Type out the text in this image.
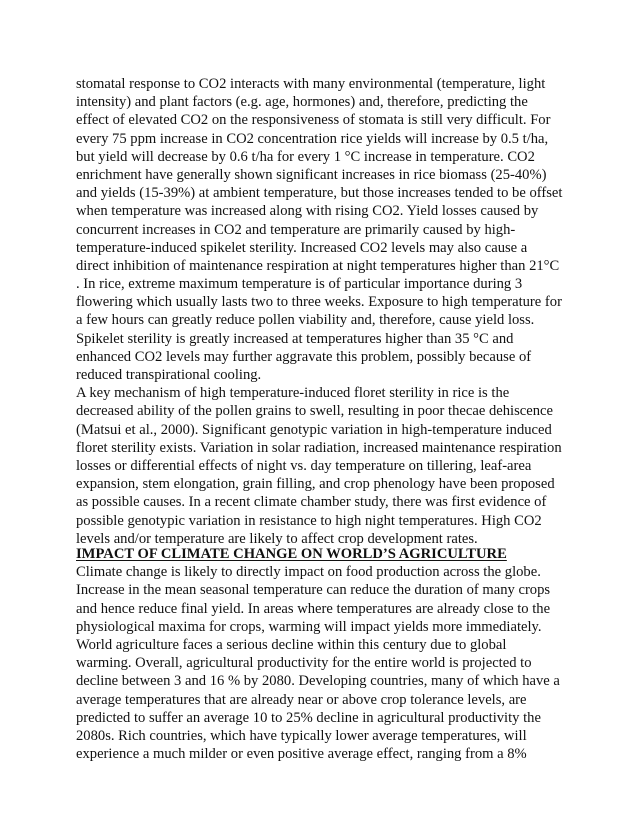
stomatal response to CO2 interacts with many environmental (temperature, light
intensity) and plant factors (e.g. age, hormones) and, therefore, predicting the
effect of elevated CO2 on the responsiveness of stomata is still very difficult. For
every 75 ppm increase in CO2 concentration rice yields will increase by 0.5 t/ha,
but yield will decrease by 0.6 t/ha for every 1 °C increase in temperature. CO2
enrichment have generally shown significant increases in rice biomass (25-40%)
and yields (15-39%) at ambient temperature, but those increases tended to be offset
when temperature was increased along with rising CO2. Yield losses caused by
concurrent increases in CO2 and temperature are primarily caused by high-
temperature-induced spikelet sterility. Increased CO2 levels may also cause a
direct inhibition of maintenance respiration at night temperatures higher than 21°C
. In rice, extreme maximum temperature is of particular importance during 3
flowering which usually lasts two to three weeks. Exposure to high temperature for
a few hours can greatly reduce pollen viability and, therefore, cause yield loss.
Spikelet sterility is greatly increased at temperatures higher than 35 °C and
enhanced CO2 levels may further aggravate this problem, possibly because of
reduced transpirational cooling.
A key mechanism of high temperature-induced floret sterility in rice is the
decreased ability of the pollen grains to swell, resulting in poor thecae dehiscence
(Matsui et al., 2000). Significant genotypic variation in high-temperature induced
floret sterility exists. Variation in solar radiation, increased maintenance respiration
losses or differential effects of night vs. day temperature on tillering, leaf-area
expansion, stem elongation, grain filling, and crop phenology have been proposed
as possible causes. In a recent climate chamber study, there was first evidence of
possible genotypic variation in resistance to high night temperatures. High CO2
levels and/or temperature are likely to affect crop development rates.
IMPACT OF CLIMATE CHANGE ON WORLD’S AGRICULTURE
Climate change is likely to directly impact on food production across the globe.
Increase in the mean seasonal temperature can reduce the duration of many crops
and hence reduce final yield. In areas where temperatures are already close to the
physiological maxima for crops, warming will impact yields more immediately.
World agriculture faces a serious decline within this century due to global
warming. Overall, agricultural productivity for the entire world is projected to
decline between 3 and 16 % by 2080. Developing countries, many of which have a
average temperatures that are already near or above crop tolerance levels, are
predicted to suffer an average 10 to 25% decline in agricultural productivity the
2080s. Rich countries, which have typically lower average temperatures, will
experience a much milder or even positive average effect, ranging from a 8%
